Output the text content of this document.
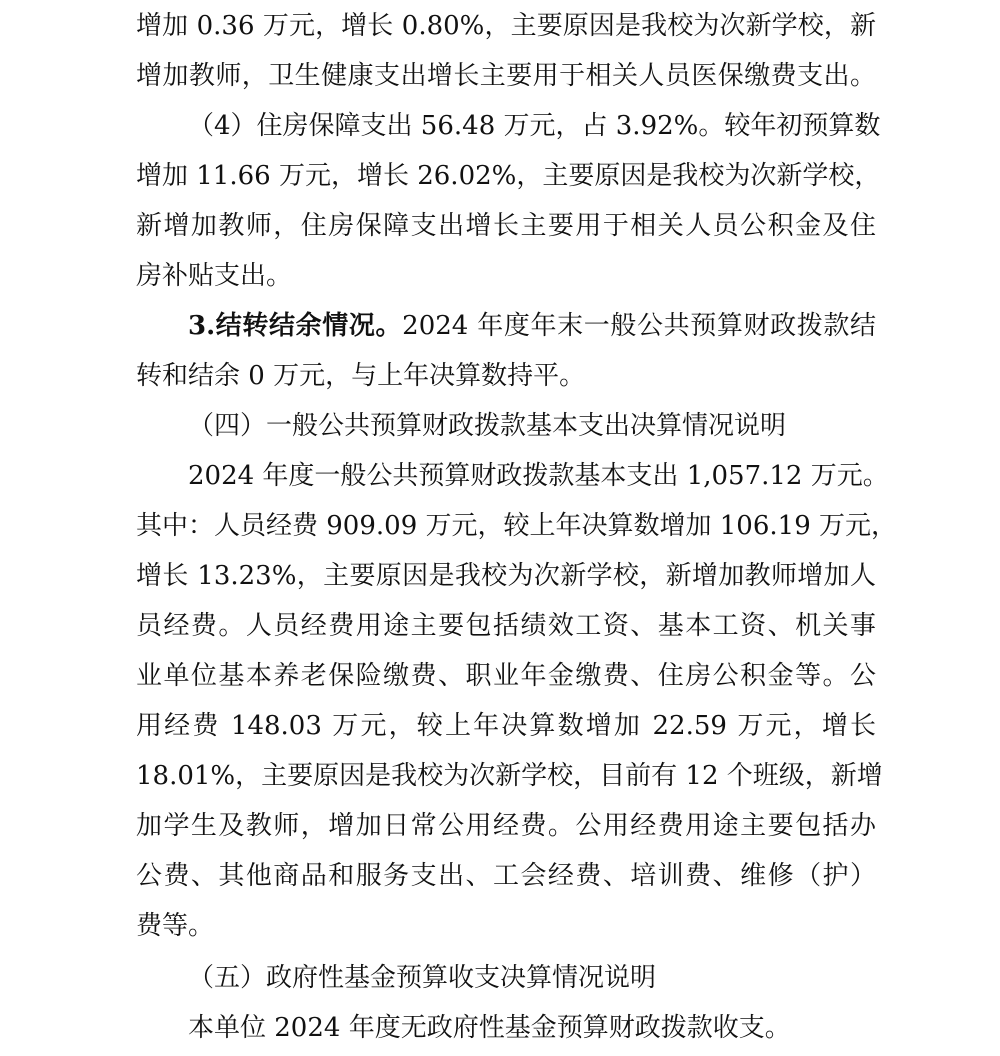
增加 0.36 万元，增长 0.80%，主要原因是我校为次新学校，新
增加教师，卫生健康支出增长主要用于相关人员医保缴费支出。
（4）住房保障支出 56.48 万元，占 3.92%。较年初预算数
增加 11.66 万元，增长 26.02%，主要原因是我校为次新学校，
新增加教师，住房保障支出增长主要用于相关人员公积金及住
房补贴支出。
3.结转结余情况。2024 年度年末一般公共预算财政拨款结
转和结余 0 万元，与上年决算数持平。
（四）一般公共预算财政拨款基本支出决算情况说明
2024 年度一般公共预算财政拨款基本支出 1,057.12 万元。
其中：人员经费 909.09 万元，较上年决算数增加 106.19 万元，
增长 13.23%，主要原因是我校为次新学校，新增加教师增加人
员经费。人员经费用途主要包括绩效工资、基本工资、机关事
业单位基本养老保险缴费、职业年金缴费、住房公积金等。公
用经费 148.03 万元，较上年决算数增加 22.59 万元，增长
18.01%，主要原因是我校为次新学校，目前有 12 个班级，新增
加学生及教师，增加日常公用经费。公用经费用途主要包括办
公费、其他商品和服务支出、工会经费、培训费、维修（护）
费等。
（五）政府性基金预算收支决算情况说明
本单位 2024 年度无政府性基金预算财政拨款收支。
